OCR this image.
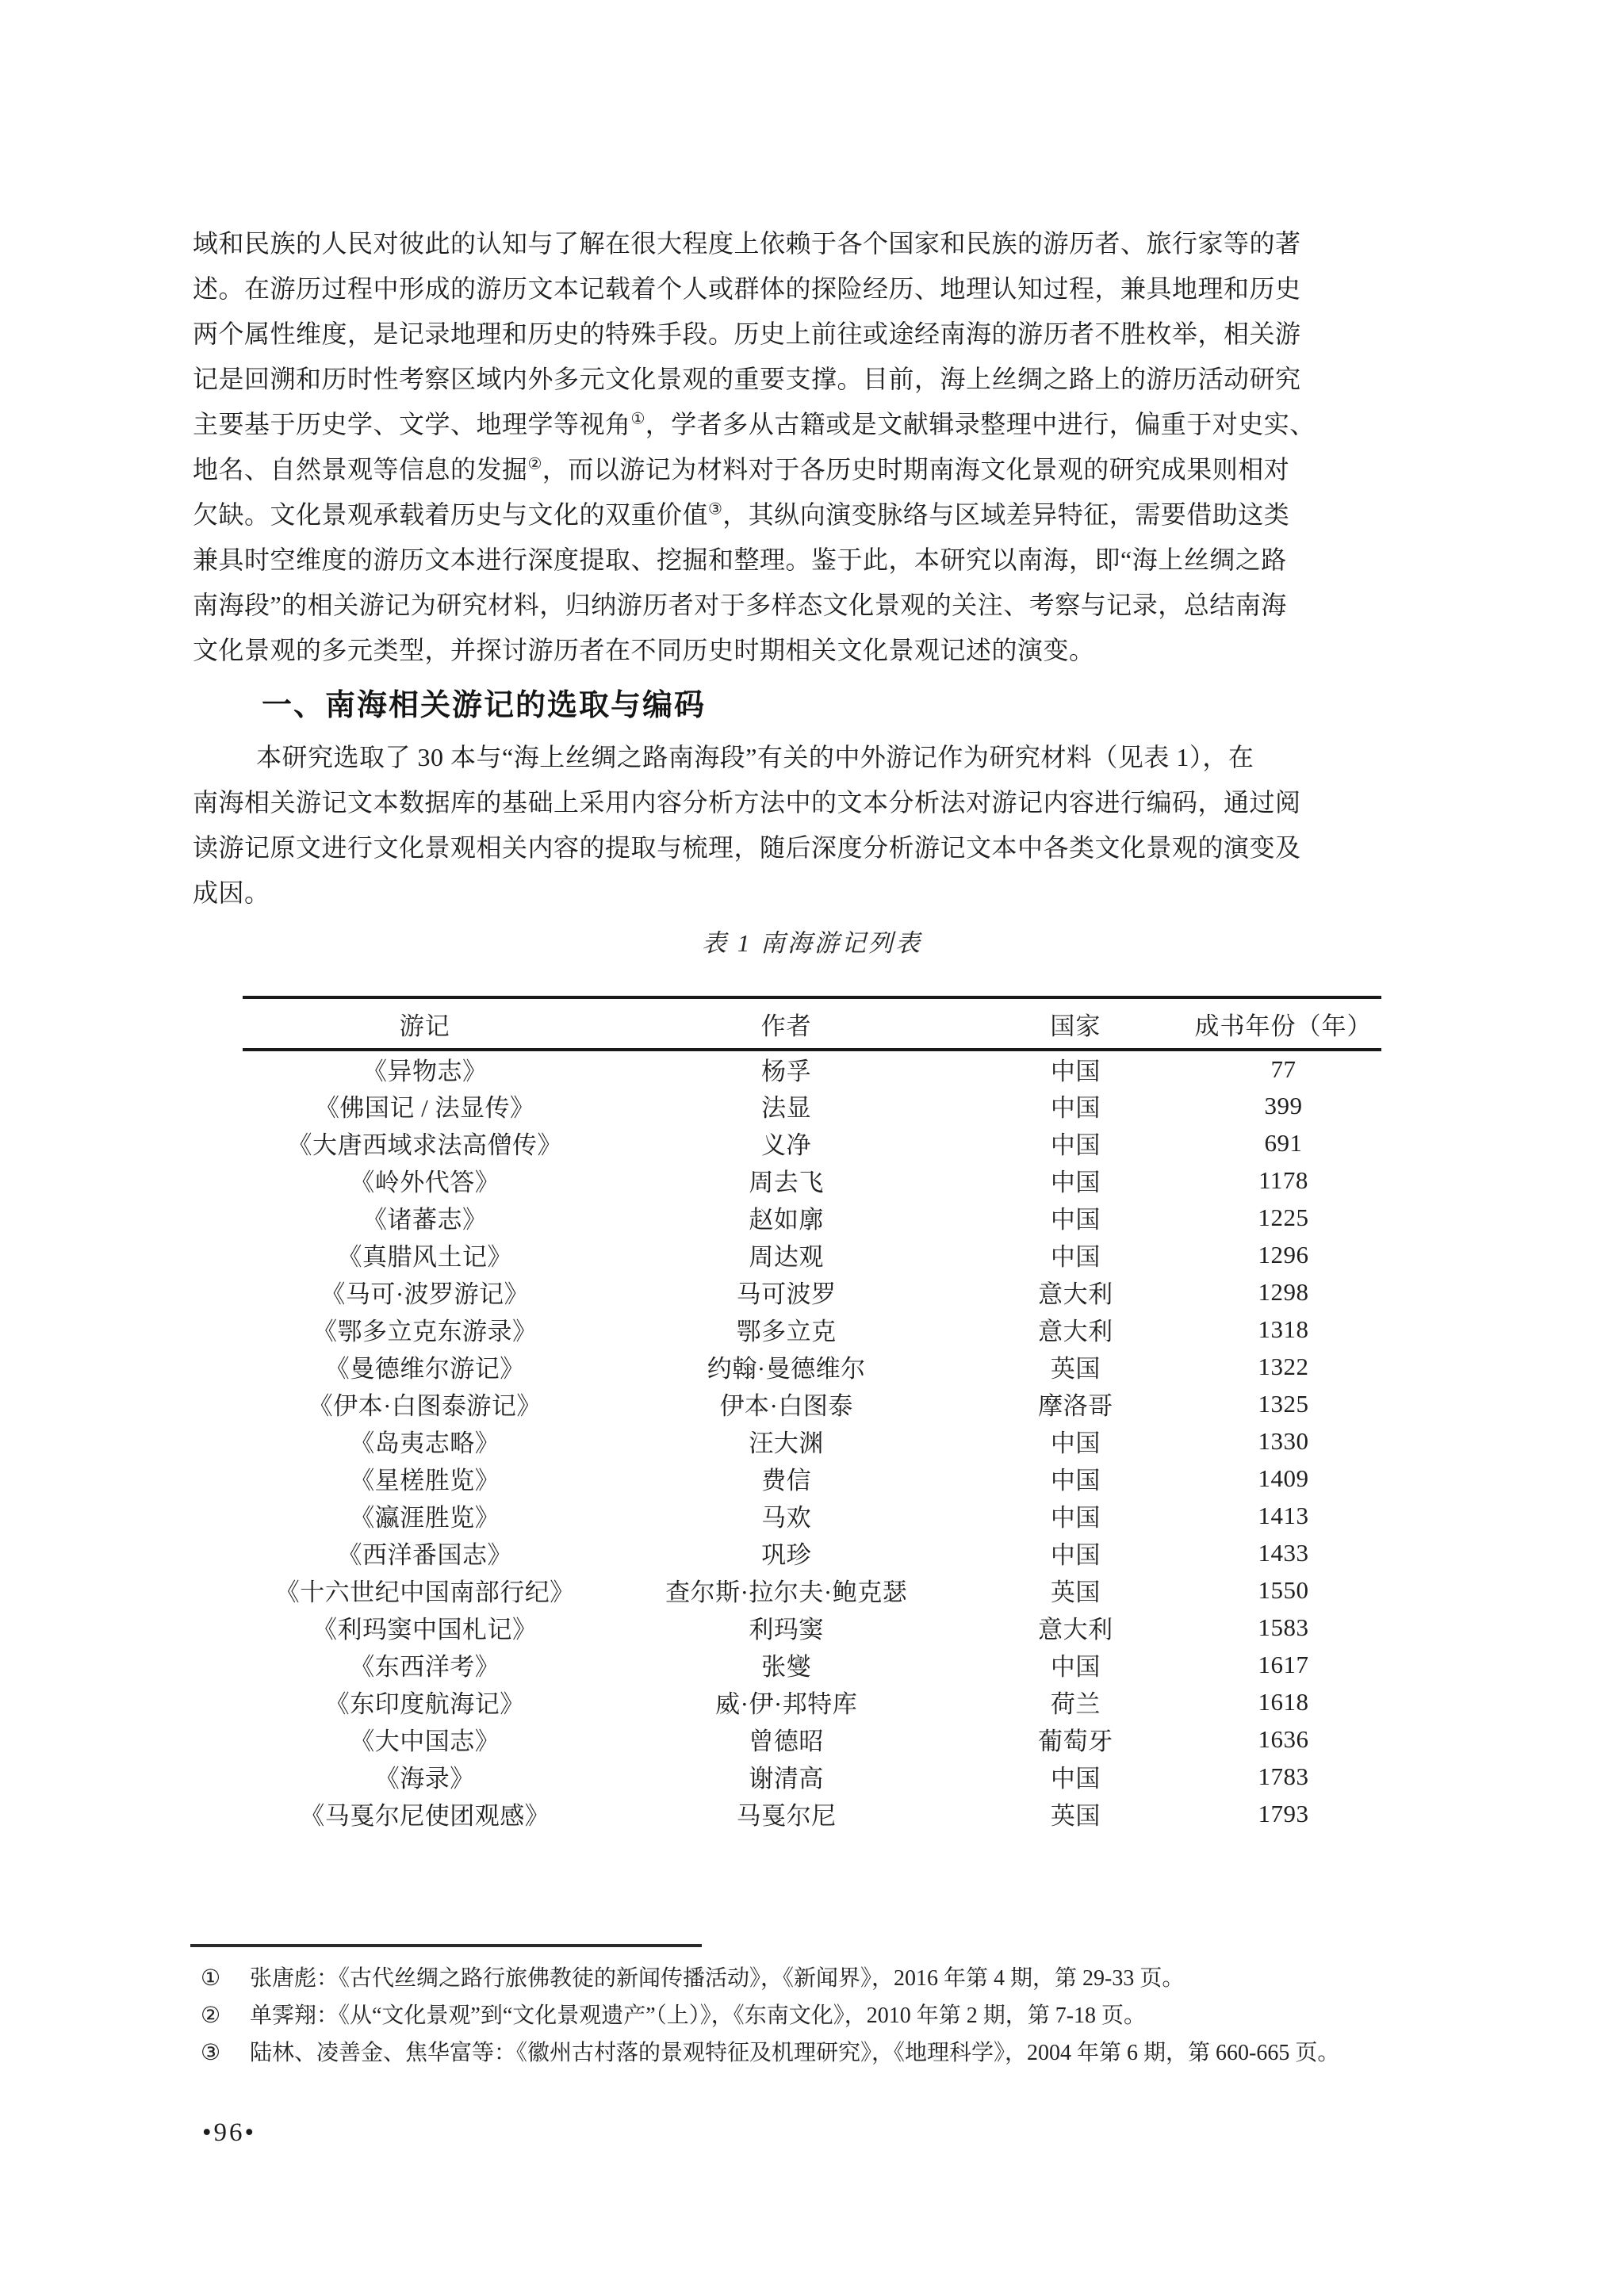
域和民族的人民对彼此的认知与了解在很大程度上依赖于各个国家和民族的游历者、旅行家等的著
述。在游历过程中形成的游历文本记载着个人或群体的探险经历、地理认知过程，兼具地理和历史
两个属性维度，是记录地理和历史的特殊手段。历史上前往或途经南海的游历者不胜枚举，相关游
记是回溯和历时性考察区域内外多元文化景观的重要支撑。目前，海上丝绸之路上的游历活动研究
主要基于历史学、文学、地理学等视角①，学者多从古籍或是文献辑录整理中进行，偏重于对史实、
地名、自然景观等信息的发掘②，而以游记为材料对于各历史时期南海文化景观的研究成果则相对
欠缺。文化景观承载着历史与文化的双重价值③，其纵向演变脉络与区域差异特征，需要借助这类
兼具时空维度的游历文本进行深度提取、挖掘和整理。鉴于此，本研究以南海，即“海上丝绸之路
南海段”的相关游记为研究材料，归纳游历者对于多样态文化景观的关注、考察与记录，总结南海
文化景观的多元类型，并探讨游历者在不同历史时期相关文化景观记述的演变。
一、南海相关游记的选取与编码
本研究选取了 30 本与“海上丝绸之路南海段”有关的中外游记作为研究材料（见表 1），在
南海相关游记文本数据库的基础上采用内容分析方法中的文本分析法对游记内容进行编码，通过阅
读游记原文进行文化景观相关内容的提取与梳理，随后深度分析游记文本中各类文化景观的演变及
成因。
表 1 南海游记列表
游记	作者	国家	成书年份（年）
《异物志》	杨孚	中国	77
《佛国记 / 法显传》	法显	中国	399
《大唐西域求法高僧传》	义净	中国	691
《岭外代答》	周去飞	中国	1178
《诸蕃志》	赵如廓	中国	1225
《真腊风土记》	周达观	中国	1296
《马可·波罗游记》	马可波罗	意大利	1298
《鄂多立克东游录》	鄂多立克	意大利	1318
《曼德维尔游记》	约翰·曼德维尔	英国	1322
《伊本·白图泰游记》	伊本·白图泰	摩洛哥	1325
《岛夷志略》	汪大渊	中国	1330
《星槎胜览》	费信	中国	1409
《瀛涯胜览》	马欢	中国	1413
《西洋番国志》	巩珍	中国	1433
《十六世纪中国南部行纪》	查尔斯·拉尔夫·鲍克瑟	英国	1550
《利玛窦中国札记》	利玛窦	意大利	1583
《东西洋考》	张燮	中国	1617
《东印度航海记》	威·伊·邦特库	荷兰	1618
《大中国志》	曾德昭	葡萄牙	1636
《海录》	谢清高	中国	1783
《马戛尔尼使团观感》	马戛尔尼	英国	1793
①	张唐彪：《古代丝绸之路行旅佛教徒的新闻传播活动》，《新闻界》，2016 年第 4 期，第 29-33 页。
②	单霁翔：《从“文化景观”到“文化景观遗产”（上）》，《东南文化》，2010 年第 2 期，第 7-18 页。
③	陆林、凌善金、焦华富等：《徽州古村落的景观特征及机理研究》，《地理科学》，2004 年第 6 期，第 660-665 页。
•96•
